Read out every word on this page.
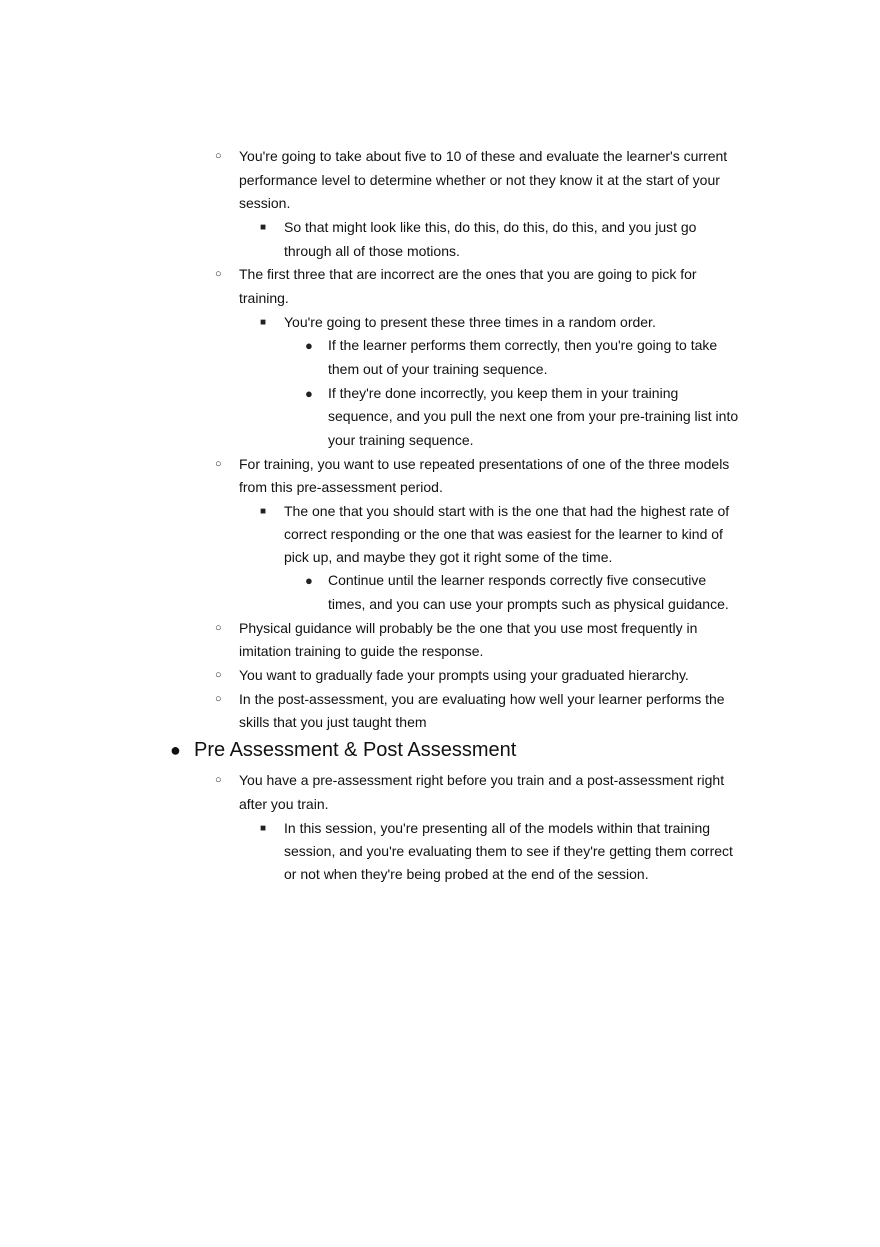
○ You're going to take about five to 10 of these and evaluate the learner's current
performance level to determine whether or not they know it at the start of your
session.
■ So that might look like this, do this, do this, do this, and you just go
through all of those motions.
○ The first three that are incorrect are the ones that you are going to pick for
training.
■ You're going to present these three times in a random order.
● If the learner performs them correctly, then you're going to take
them out of your training sequence.
● If they're done incorrectly, you keep them in your training
sequence, and you pull the next one from your pre-training list into
your training sequence.
○ For training, you want to use repeated presentations of one of the three models
from this pre-assessment period.
■ The one that you should start with is the one that had the highest rate of
correct responding or the one that was easiest for the learner to kind of
pick up, and maybe they got it right some of the time.
● Continue until the learner responds correctly five consecutive
times, and you can use your prompts such as physical guidance.
○ Physical guidance will probably be the one that you use most frequently in
imitation training to guide the response.
○ You want to gradually fade your prompts using your graduated hierarchy.
○ In the post-assessment, you are evaluating how well your learner performs the
skills that you just taught them
● Pre Assessment & Post Assessment
○ You have a pre-assessment right before you train and a post-assessment right
after you train.
■ In this session, you're presenting all of the models within that training
session, and you're evaluating them to see if they're getting them correct
or not when they're being probed at the end of the session.
